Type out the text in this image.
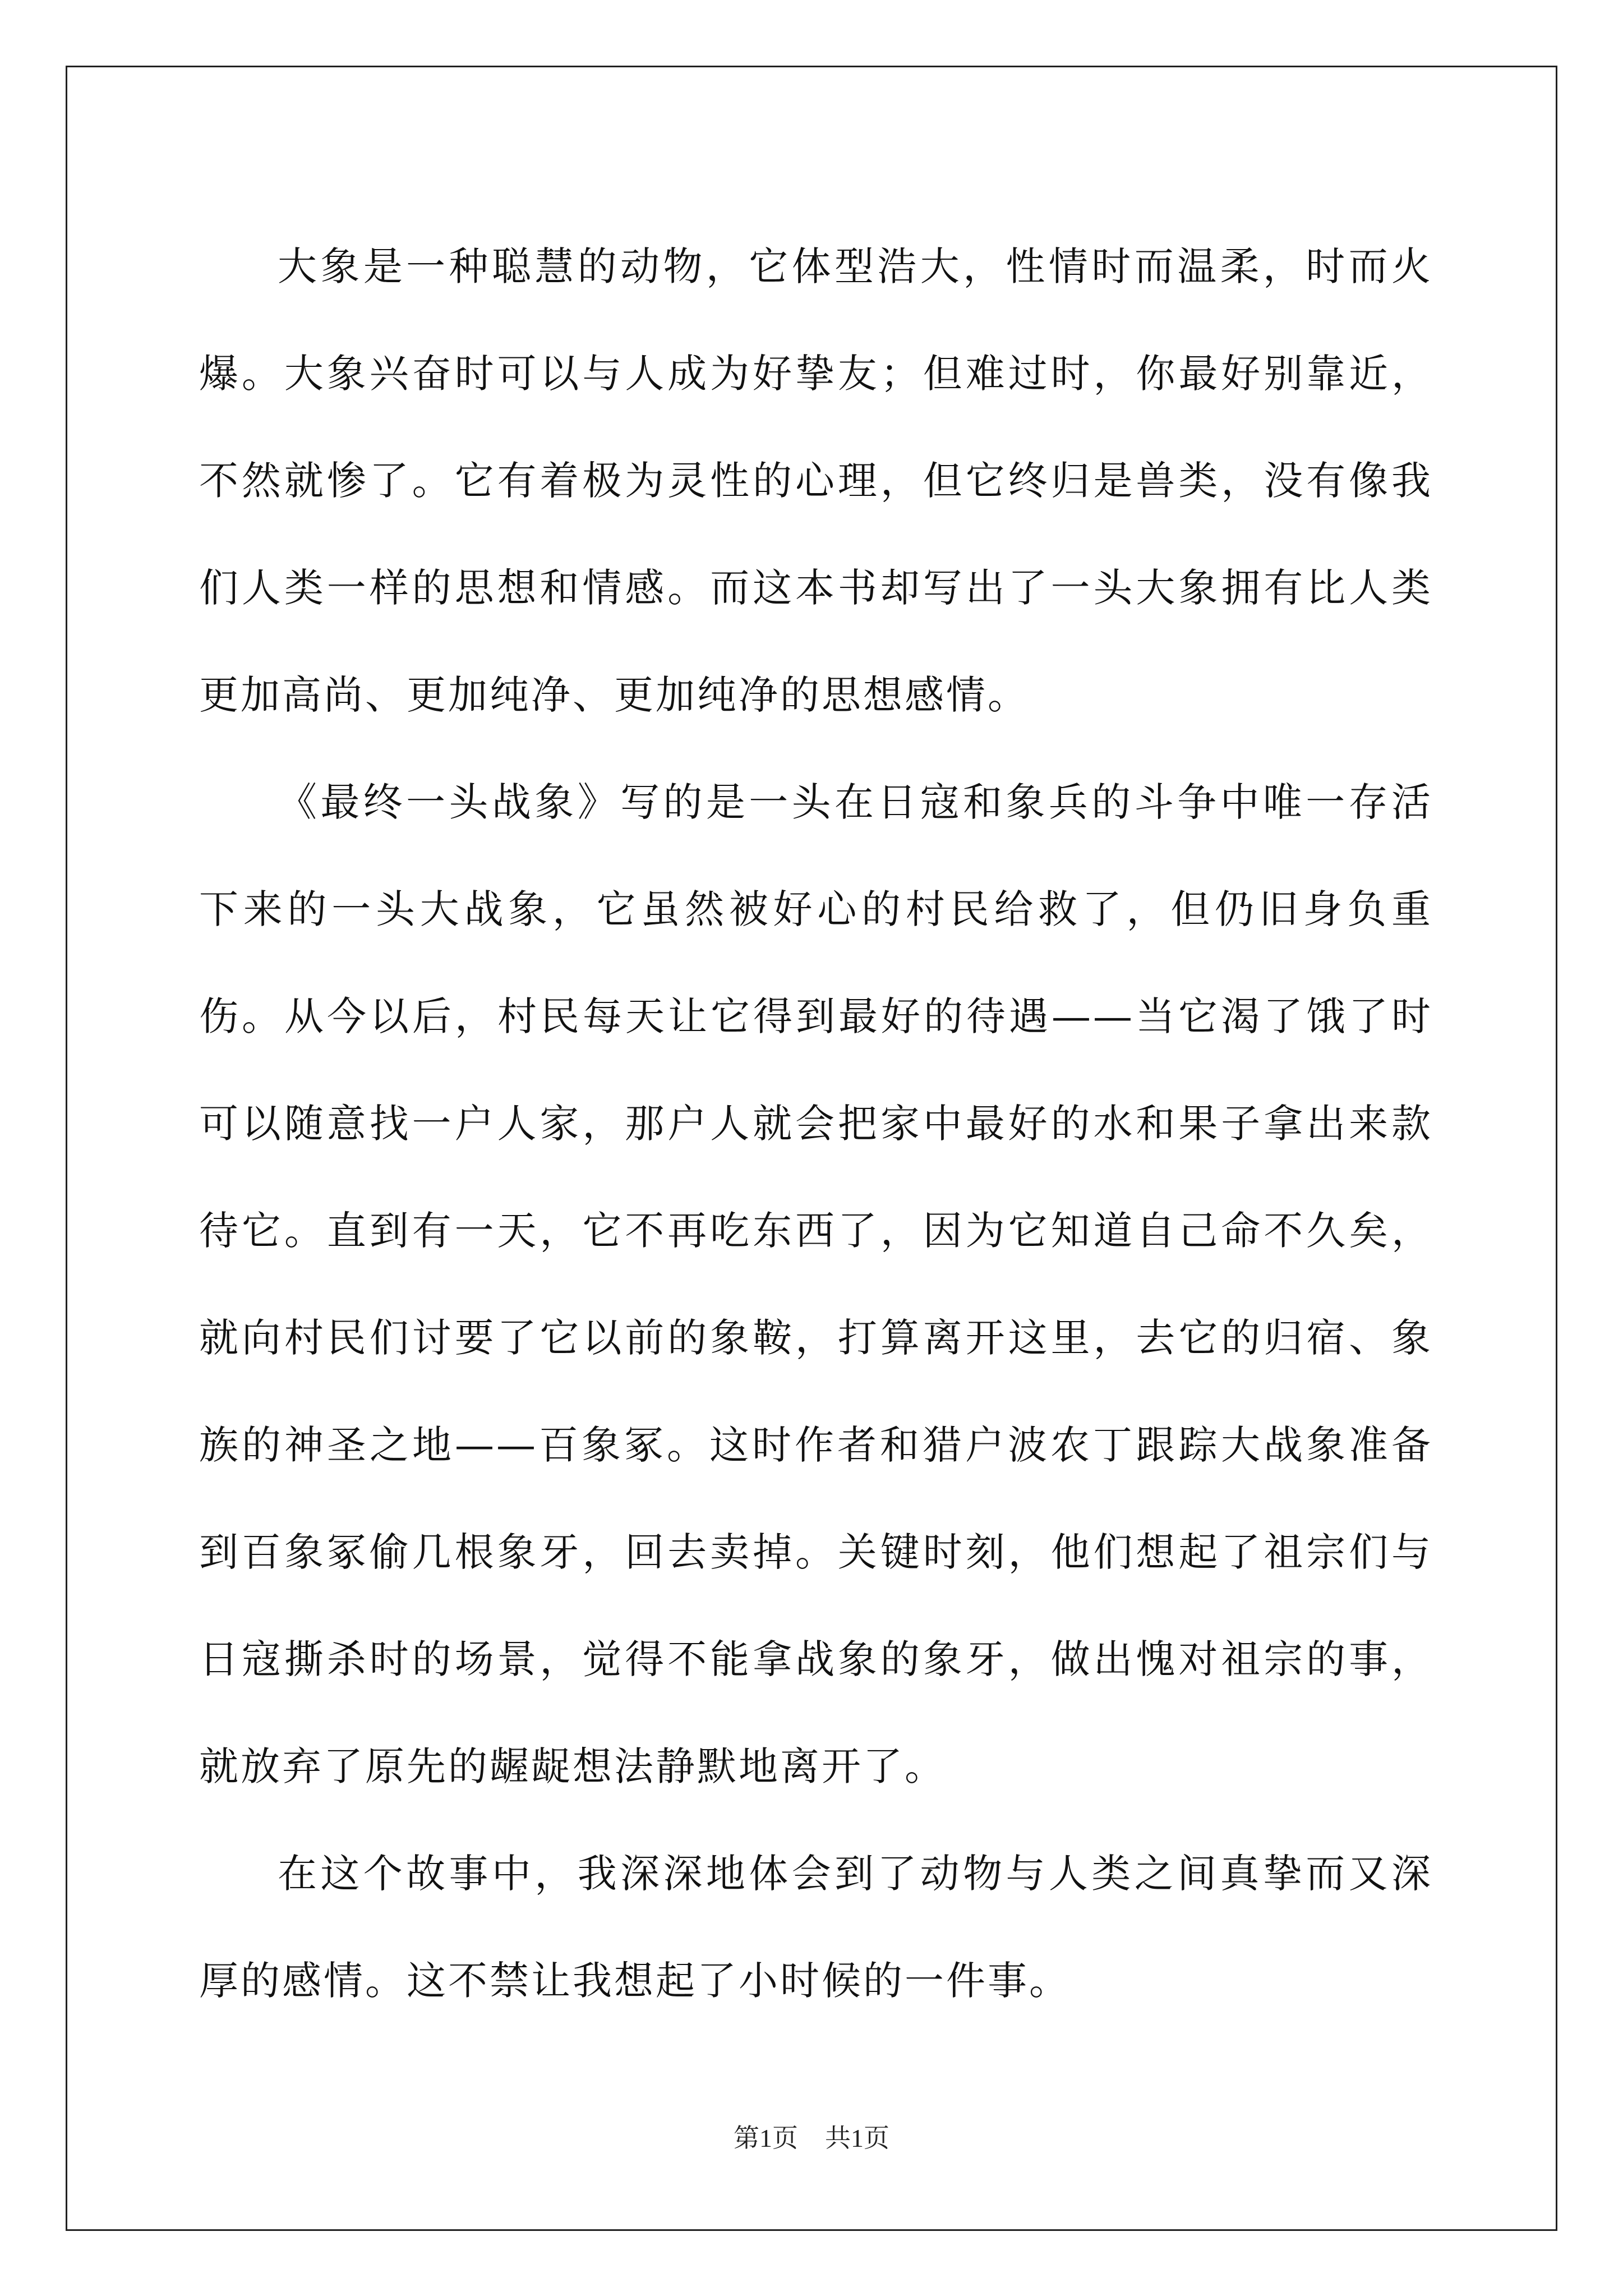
大象是一种聪慧的动物，它体型浩大，性情时而温柔，时而火爆。大象兴奋时可以与人成为好挚友；但难过时，你最好别靠近，不然就惨了。它有着极为灵性的心理，但它终归是兽类，没有像我们人类一样的思想和情感。而这本书却写出了一头大象拥有比人类更加高尚、更加纯净、更加纯净的思想感情。

《最终一头战象》写的是一头在日寇和象兵的斗争中唯一存活下来的一头大战象，它虽然被好心的村民给救了，但仍旧身负重伤。从今以后，村民每天让它得到最好的待遇——当它渴了饿了时可以随意找一户人家，那户人就会把家中最好的水和果子拿出来款待它。直到有一天，它不再吃东西了，因为它知道自己命不久矣，就向村民们讨要了它以前的象鞍，打算离开这里，去它的归宿、象族的神圣之地——百象冢。这时作者和猎户波农丁跟踪大战象准备到百象冢偷几根象牙，回去卖掉。关键时刻，他们想起了祖宗们与日寇撕杀时的场景，觉得不能拿战象的象牙，做出愧对祖宗的事，就放弃了原先的龌龊想法静默地离开了。

在这个故事中，我深深地体会到了动物与人类之间真挚而又深厚的感情。这不禁让我想起了小时候的一件事。

第1页 共1页
